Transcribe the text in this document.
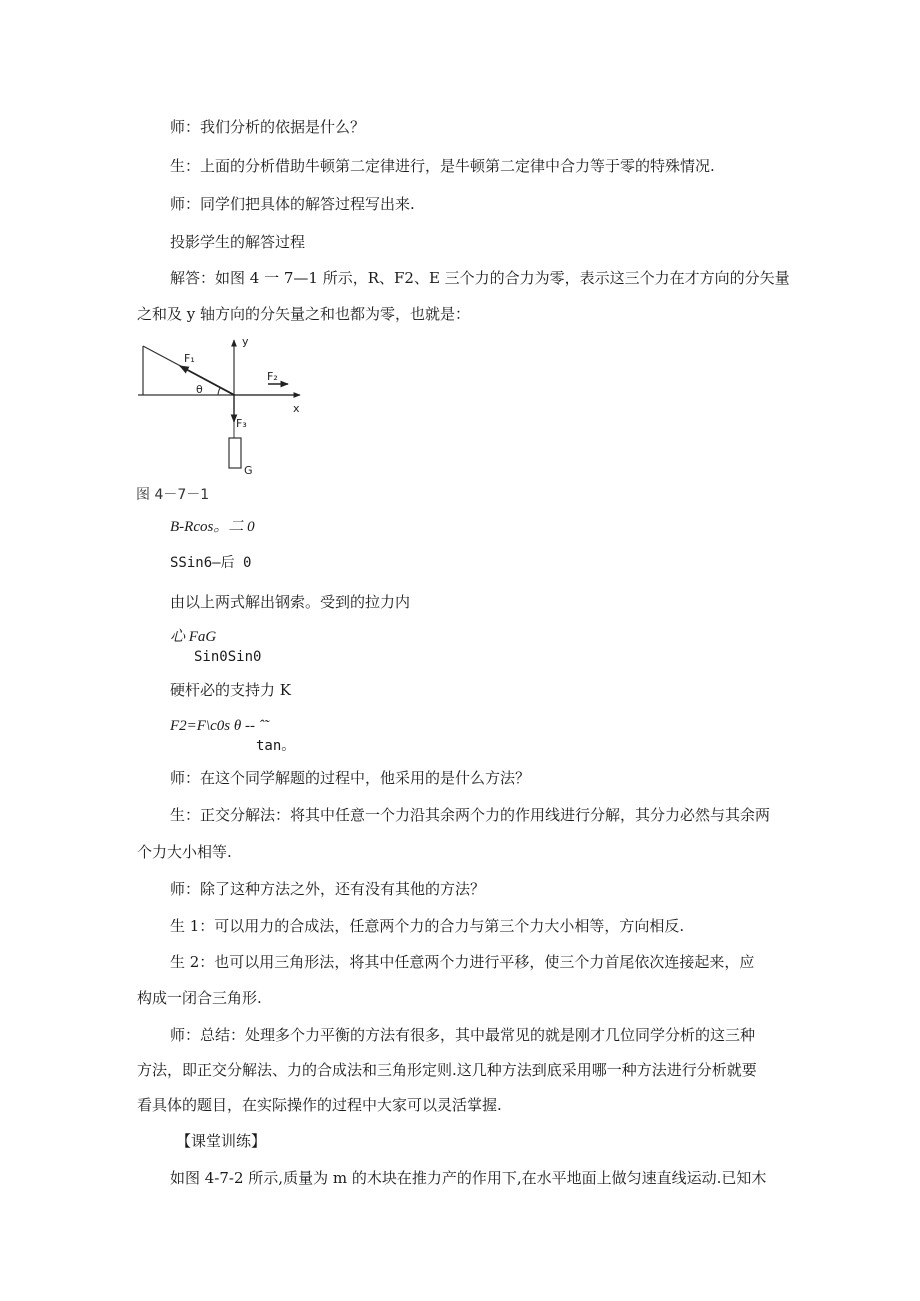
师：我们分析的依据是什么？
生：上面的分析借助牛顿第二定律进行，是牛顿第二定律中合力等于零的特殊情况.
师：同学们把具体的解答过程写出来.
投影学生的解答过程
解答：如图 4 一 7—1 所示，R、F2、E 三个力的合力为零，表示这三个力在才方向的分矢量
之和及 y 轴方向的分矢量之和也都为零，也就是：
y
x
F₁
F₂
F₃
θ
G
图 4－7－1
B-Rcos。二 0
SSin6—后 0
由以上两式解出钢索。受到的拉力内
心 FaG
Sin0Sin0
硬杆必的支持力 K
F2=F\c0s θ -- ˆ˜
tan。
师：在这个同学解题的过程中，他采用的是什么方法？
生：正交分解法：将其中任意一个力沿其余两个力的作用线进行分解，其分力必然与其余两
个力大小相等.
师：除了这种方法之外，还有没有其他的方法？
生 1：可以用力的合成法，任意两个力的合力与第三个力大小相等，方向相反.
生 2：也可以用三角形法，将其中任意两个力进行平移，使三个力首尾依次连接起来，应
构成一闭合三角形.
师：总结：处理多个力平衡的方法有很多，其中最常见的就是刚才几位同学分析的这三种
方法，即正交分解法、力的合成法和三角形定则.这几种方法到底采用哪一种方法进行分析就要
看具体的题目，在实际操作的过程中大家可以灵活掌握.
【课堂训练】
如图 4-7-2 所示,质量为 m 的木块在推力产的作用下,在水平地面上做匀速直线运动.已知木
